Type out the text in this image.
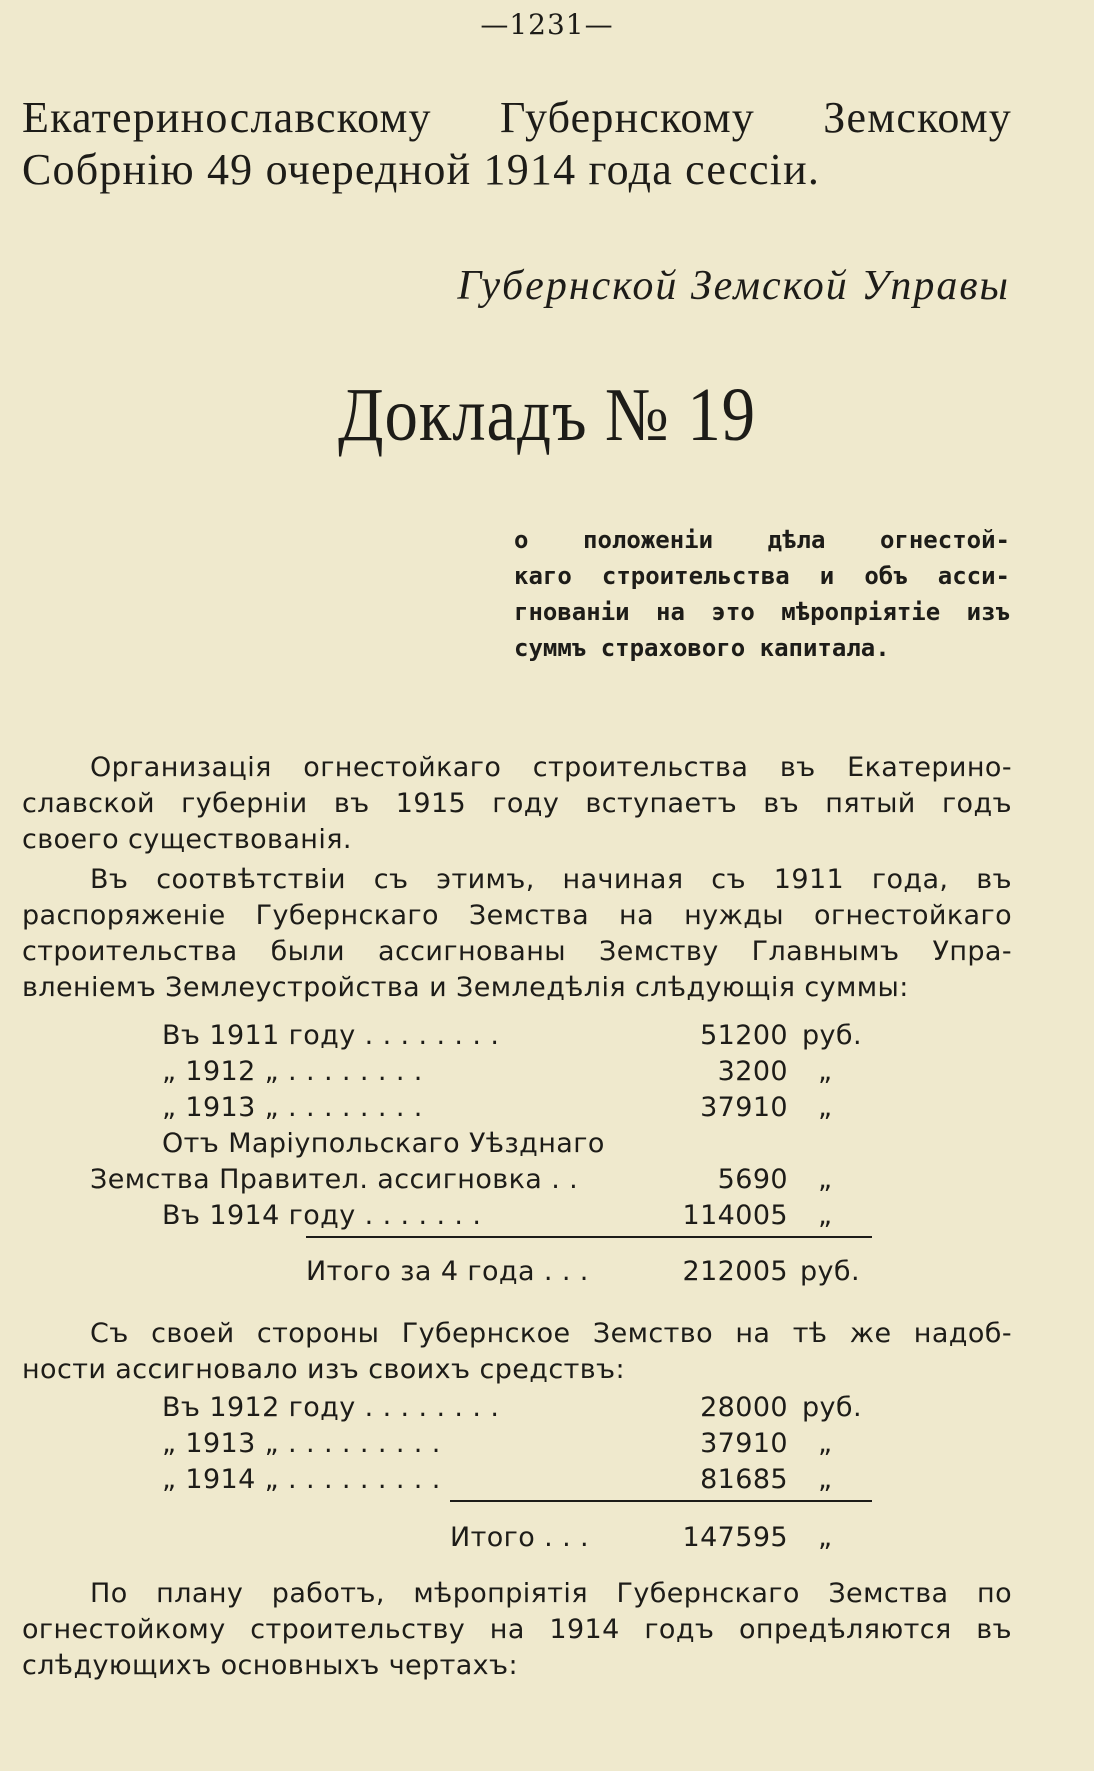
—1231—
Екатеринославскому Губернскому Земскому
Собрнію 49 очередной 1914 года сессіи.
Губернской Земской Управы
Докладъ № 19
о положеніи дѣла огнестой-
каго строительства и объ асси-
гнованіи на это мѣропріятіе изъ
суммъ страхового капитала.
Организація огнестойкаго строительства въ Екатерино-
славской губерніи въ 1915 году вступаетъ въ пятый годъ
своего существованія.
Въ соотвѣтствіи съ этимъ, начиная съ 1911 года, въ
распоряженіе Губернскаго Земства на нужды огнестойкаго
строительства были ассигнованы Земству Главнымъ Упра-
вленіемъ Землеустройства и Земледѣлія слѣдующія суммы:
Въ 1911 году . . . . . . . .	51200 руб.
„ 1912 „ . . . . . . . .	3200 „
„ 1913 „ . . . . . . . .	37910 „
Отъ Маріупольскаго Уѣзднаго
Земства Правител. ассигновка . .	5690 „
Въ 1914 году . . . . . . .	114005 „
Итого за 4 года . . .	212005 руб.
Съ своей стороны Губернское Земство на тѣ же надоб-
ности ассигновало изъ своихъ средствъ:
Въ 1912 году . . . . . . . .	28000 руб.
„ 1913 „ . . . . . . . . .	37910 „
„ 1914 „ . . . . . . . . .	81685 „
Итого . . .	147595 „
По плану работъ, мѣропріятія Губернскаго Земства по
огнестойкому строительству на 1914 годъ опредѣляются въ
слѣдующихъ основныхъ чертахъ:
